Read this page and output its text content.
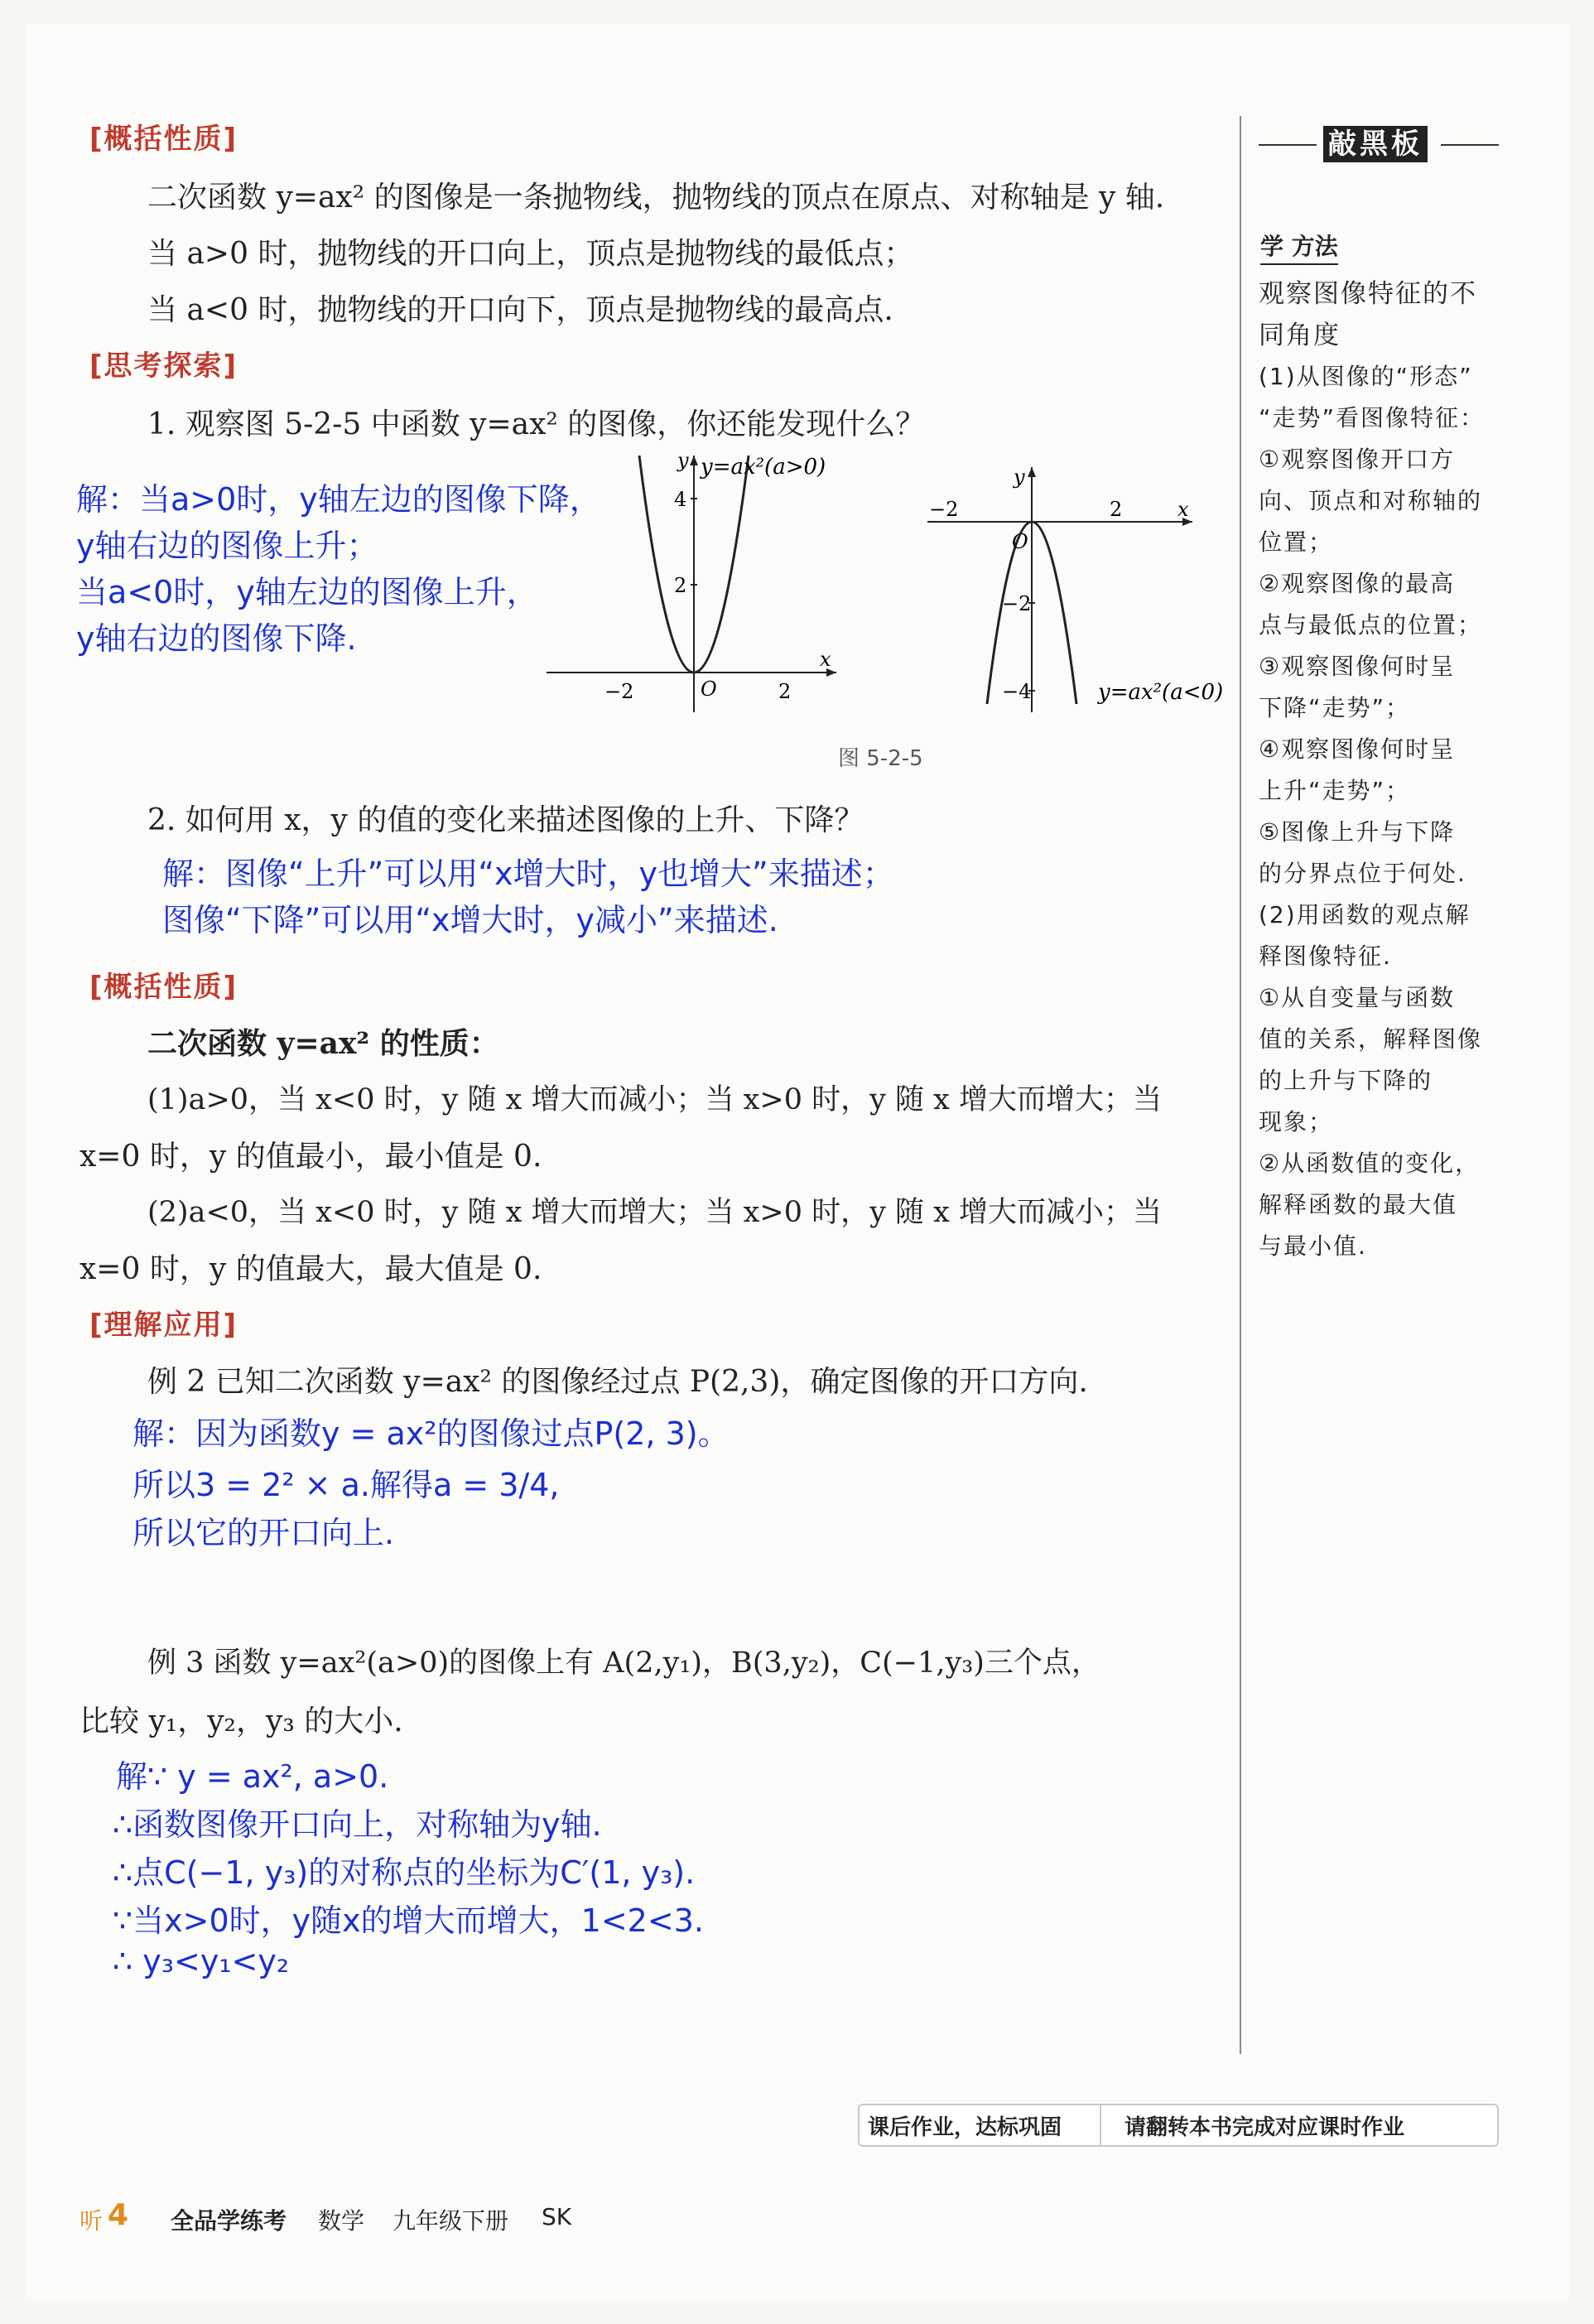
[概括性质]
二次函数 y=ax² 的图像是一条抛物线，抛物线的顶点在原点、对称轴是 y 轴.
当 a>0 时，抛物线的开口向上，顶点是抛物线的最低点；
当 a<0 时，抛物线的开口向下，顶点是抛物线的最高点.
[思考探索]
1. 观察图 5-2-5 中函数 y=ax² 的图像，你还能发现什么？
解：当a>0时，y轴左边的图像下降，
y轴右边的图像上升；
当a<0时，y轴左边的图像上升，
y轴右边的图像下降.
y=ax²(a>0)
y
x
O
−2	2
2
4
y
x
O
−2	2
−2
−4	y=ax²(a<0)
图 5-2-5
2. 如何用 x，y 的值的变化来描述图像的上升、下降？
解：图像“上升”可以用“x增大时，y也增大”来描述；
图像“下降”可以用“x增大时，y减小”来描述.
[概括性质]
二次函数 y=ax² 的性质：
(1)a>0，当 x<0 时，y 随 x 增大而减小；当 x>0 时，y 随 x 增大而增大；当
x=0 时，y 的值最小，最小值是 0.
(2)a<0，当 x<0 时，y 随 x 增大而增大；当 x>0 时，y 随 x 增大而减小；当
x=0 时，y 的值最大，最大值是 0.
[理解应用]
例 2 已知二次函数 y=ax² 的图像经过点 P(2,3)，确定图像的开口方向.
解：因为函数y = ax²的图像过点P(2, 3)。
所以3 = 2² × a.解得a = 3/4,
所以它的开口向上.
例 3 函数 y=ax²(a>0)的图像上有 A(2,y₁)，B(3,y₂)，C(−1,y₃)三个点，
比较 y₁，y₂，y₃ 的大小.
解∵ y = ax², a>0.
∴函数图像开口向上，对称轴为y轴.
∴点C(−1, y₃)的对称点的坐标为C′(1, y₃).
∵当x>0时，y随x的增大而增大，1<2<3.
∴ y₃<y₁<y₂
敲黑板
学 方法
观察图像特征的不
同角度
(1)从图像的“形态”
“走势”看图像特征：
①观察图像开口方
向、顶点和对称轴的
位置；
②观察图像的最高
点与最低点的位置；
③观察图像何时呈
下降“走势”；
④观察图像何时呈
上升“走势”；
⑤图像上升与下降
的分界点位于何处.
(2)用函数的观点解
释图像特征.
①从自变量与函数
值的关系，解释图像
的上升与下降的
现象；
②从函数值的变化，
解释函数的最大值
与最小值.
课后作业，达标巩固	请翻转本书完成对应课时作业
听 4 全品学练考 数学 九年级下册 SK
